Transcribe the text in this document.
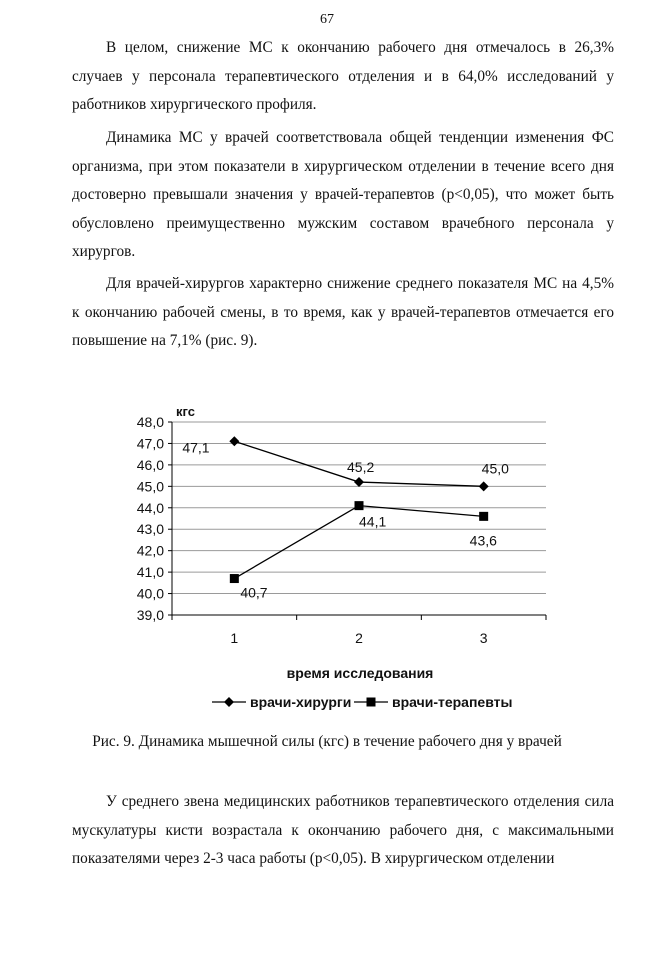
67

В целом, снижение МС к окончанию рабочего дня отмечалось в 26,3% случаев у персонала терапевтического отделения и в 64,0% исследований у работников хирургического профиля.

Динамика МС у врачей соответствовала общей тенденции изменения ФС организма, при этом показатели в хирургическом отделении в течение всего дня достоверно превышали значения у врачей-терапевтов (р<0,05), что может быть обусловлено преимущественно мужским составом врачебного персонала у хирургов.

Для врачей-хирургов характерно снижение среднего показателя МС на 4,5% к окончанию рабочей смены, в то время, как у врачей-терапевтов отмечается его повышение на 7,1% (рис. 9).

39,0
40,0
41,0
42,0
43,0
44,0
45,0
46,0
47,0
48,0
1	2	3
47,1
45,2	45,0
40,7
44,1
43,6
кгс
время исследования
врачи-хирурги	врачи-терапевты
Рис. 9. Динамика мышечной силы (кгс) в течение рабочего дня у врачей

У среднего звена медицинских работников терапевтического отделения сила мускулатуры кисти возрастала к окончанию рабочего дня, с максимальными показателями через 2-3 часа работы (р<0,05). В хирургическом отделении
